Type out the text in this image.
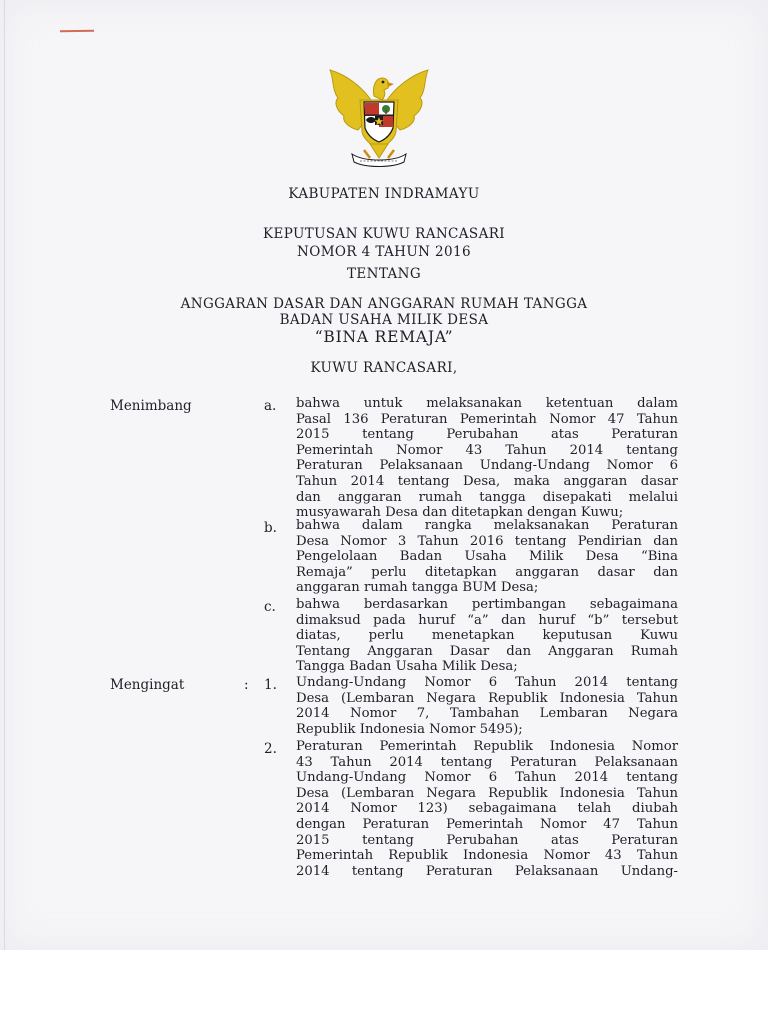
KABUPATEN INDRAMAYU
KEPUTUSAN KUWU RANCASARI
NOMOR 4 TAHUN 2016
TENTANG
ANGGARAN DASAR DAN ANGGARAN RUMAH TANGGA
BADAN USAHA MILIK DESA
“BINA REMAJA”
KUWU RANCASARI,
Menimbang	a. bahwa untuk melaksanakan ketentuan dalam
Pasal 136 Peraturan Pemerintah Nomor 47 Tahun
2015 tentang Perubahan atas Peraturan
Pemerintah Nomor 43 Tahun 2014 tentang
Peraturan Pelaksanaan Undang-Undang Nomor 6
Tahun 2014 tentang Desa, maka anggaran dasar
dan anggaran rumah tangga disepakati melalui
musyawarah Desa dan ditetapkan dengan Kuwu;
b. bahwa dalam rangka melaksanakan Peraturan
Desa Nomor 3 Tahun 2016 tentang Pendirian dan
Pengelolaan Badan Usaha Milik Desa “Bina
Remaja” perlu ditetapkan anggaran dasar dan
anggaran rumah tangga BUM Desa;
c. bahwa berdasarkan pertimbangan sebagaimana
dimaksud pada huruf “a” dan huruf “b” tersebut
diatas, perlu menetapkan keputusan Kuwu
Tentang Anggaran Dasar dan Anggaran Rumah
Tangga Badan Usaha Milik Desa;
Mengingat	: 1. Undang-Undang Nomor 6 Tahun 2014 tentang
Desa (Lembaran Negara Republik Indonesia Tahun
2014 Nomor 7, Tambahan Lembaran Negara
Republik Indonesia Nomor 5495);
2. Peraturan Pemerintah Republik Indonesia Nomor
43 Tahun 2014 tentang Peraturan Pelaksanaan
Undang-Undang Nomor 6 Tahun 2014 tentang
Desa (Lembaran Negara Republik Indonesia Tahun
2014 Nomor 123) sebagaimana telah diubah
dengan Peraturan Pemerintah Nomor 47 Tahun
2015 tentang Perubahan atas Peraturan
Pemerintah Republik Indonesia Nomor 43 Tahun
2014 tentang Peraturan Pelaksanaan Undang-
